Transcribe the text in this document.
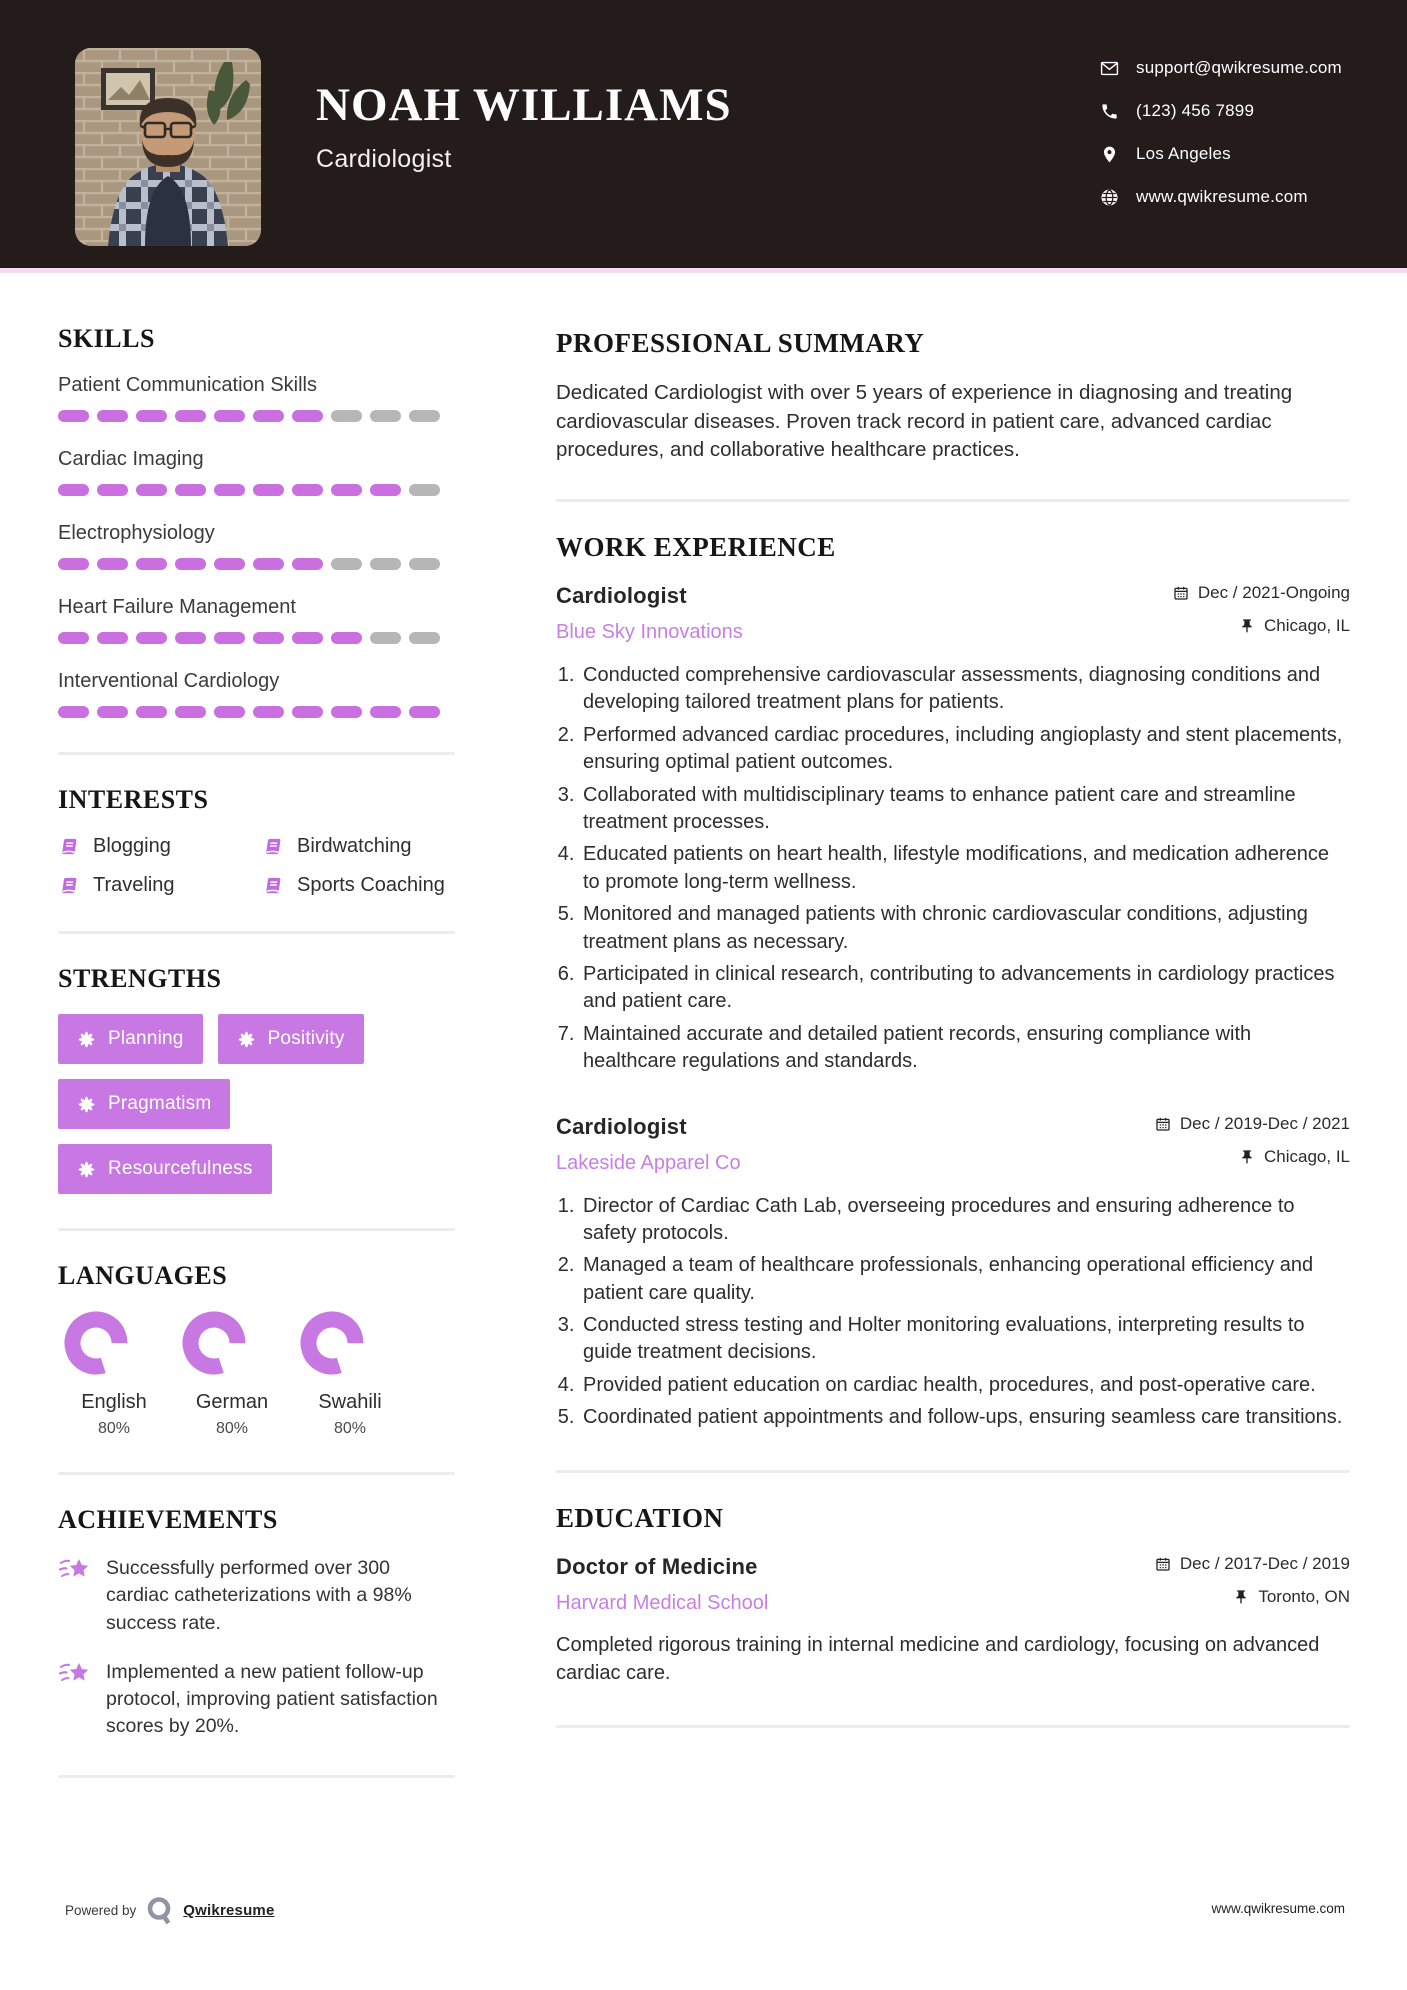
NOAH WILLIAMS
Cardiologist
support@qwikresume.com
(123) 456 7899
Los Angeles
www.qwikresume.com
SKILLS
Patient Communication Skills
Cardiac Imaging
Electrophysiology
Heart Failure Management
Interventional Cardiology
INTERESTS
Blogging	Birdwatching
Traveling	Sports Coaching
STRENGTHS
Planning	Positivity
Pragmatism
Resourcefulness
LANGUAGES
English
80%
German
80%
Swahili
80%
ACHIEVEMENTS
Successfully performed over 300 cardiac catheterizations with a 98% success rate.
Implemented a new patient follow-up protocol, improving patient satisfaction scores by 20%.
PROFESSIONAL SUMMARY

Dedicated Cardiologist with over 5 years of experience in diagnosing and treating cardiovascular diseases. Proven track record in patient care, advanced cardiac procedures, and collaborative healthcare practices.

WORK EXPERIENCE
Cardiologist
Blue Sky Innovations
Dec / 2021-Ongoing
Chicago, IL
1. Conducted comprehensive cardiovascular assessments, diagnosing conditions and developing tailored treatment plans for patients.
2. Performed advanced cardiac procedures, including angioplasty and stent placements, ensuring optimal patient outcomes.
3. Collaborated with multidisciplinary teams to enhance patient care and streamline treatment processes.
4. Educated patients on heart health, lifestyle modifications, and medication adherence to promote long-term wellness.
5. Monitored and managed patients with chronic cardiovascular conditions, adjusting treatment plans as necessary.
6. Participated in clinical research, contributing to advancements in cardiology practices and patient care.
7. Maintained accurate and detailed patient records, ensuring compliance with healthcare regulations and standards.
Cardiologist
Lakeside Apparel Co
Dec / 2019-Dec / 2021
Chicago, IL
1. Director of Cardiac Cath Lab, overseeing procedures and ensuring adherence to safety protocols.
2. Managed a team of healthcare professionals, enhancing operational efficiency and patient care quality.
3. Conducted stress testing and Holter monitoring evaluations, interpreting results to guide treatment decisions.
4. Provided patient education on cardiac health, procedures, and post-operative care.
5. Coordinated patient appointments and follow-ups, ensuring seamless care transitions.
EDUCATION
Doctor of Medicine
Harvard Medical School
Dec / 2017-Dec / 2019
Toronto, ON
Completed rigorous training in internal medicine and cardiology, focusing on advanced cardiac care.
Powered by	Qwikresume	www.qwikresume.com
